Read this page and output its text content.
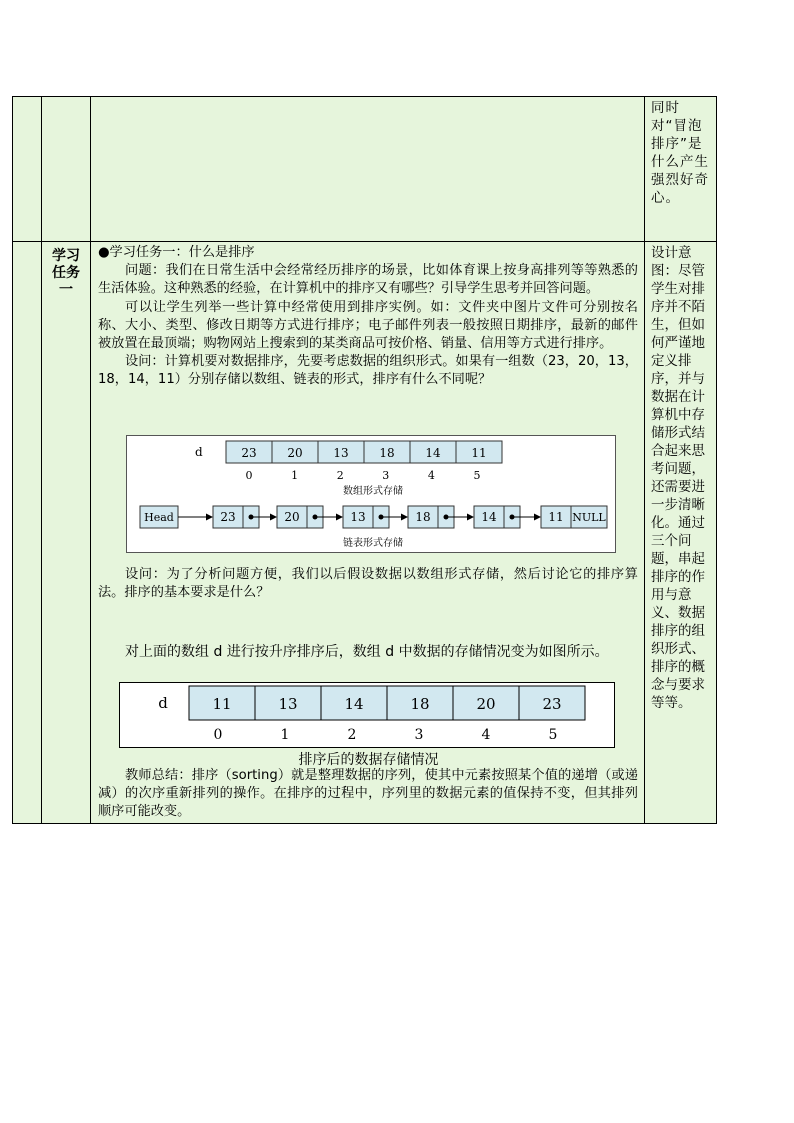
同时对“冒泡排序”是什么产生强烈好奇心。
学习
任务
一

●学习任务一：什么是排序

问题：我们在日常生活中会经常经历排序的场景，比如体育课上按身高排列等等熟悉的生活体验。这种熟悉的经验，在计算机中的排序又有哪些？引导学生思考并回答问题。

可以让学生列举一些计算中经常使用到排序实例。如：文件夹中图片文件可分别按名称、大小、类型、修改日期等方式进行排序；电子邮件列表一般按照日期排序，最新的邮件被放置在最顶端；购物网站上搜索到的某类商品可按价格、销量、信用等方式进行排序。

设问：计算机要对数据排序，先要考虑数据的组织形式。如果有一组数（23，20，13，18，14，11）分别存储以数组、链表的形式，排序有什么不同呢？

d	23	20	13	18	14	11
0	1	2	3	4	5
数组形式存储
Head	23	20	13	18	14	11 NULL
链表形式存储

设问：为了分析问题方便，我们以后假设数据以数组形式存储，然后讨论它的排序算法。排序的基本要求是什么？

对上面的数组 d 进行按升序排序后，数组 d 中数据的存储情况变为如图所示。

d	11	13	14	18	20	23
0	1	2	3	4	5
排序后的数据存储情况

教师总结：排序（sorting）就是整理数据的序列，使其中元素按照某个值的递增（或递减）的次序重新排列的操作。在排序的过程中，序列里的数据元素的值保持不变，但其排列顺序可能改变。

设计意图：尽管学生对排序并不陌生，但如何严谨地定义排序，并与数据在计算机中存储形式结合起来思考问题，还需要进一步清晰化。通过三个问题，串起排序的作用与意义、数据排序的组织形式、排序的概念与要求等等。
